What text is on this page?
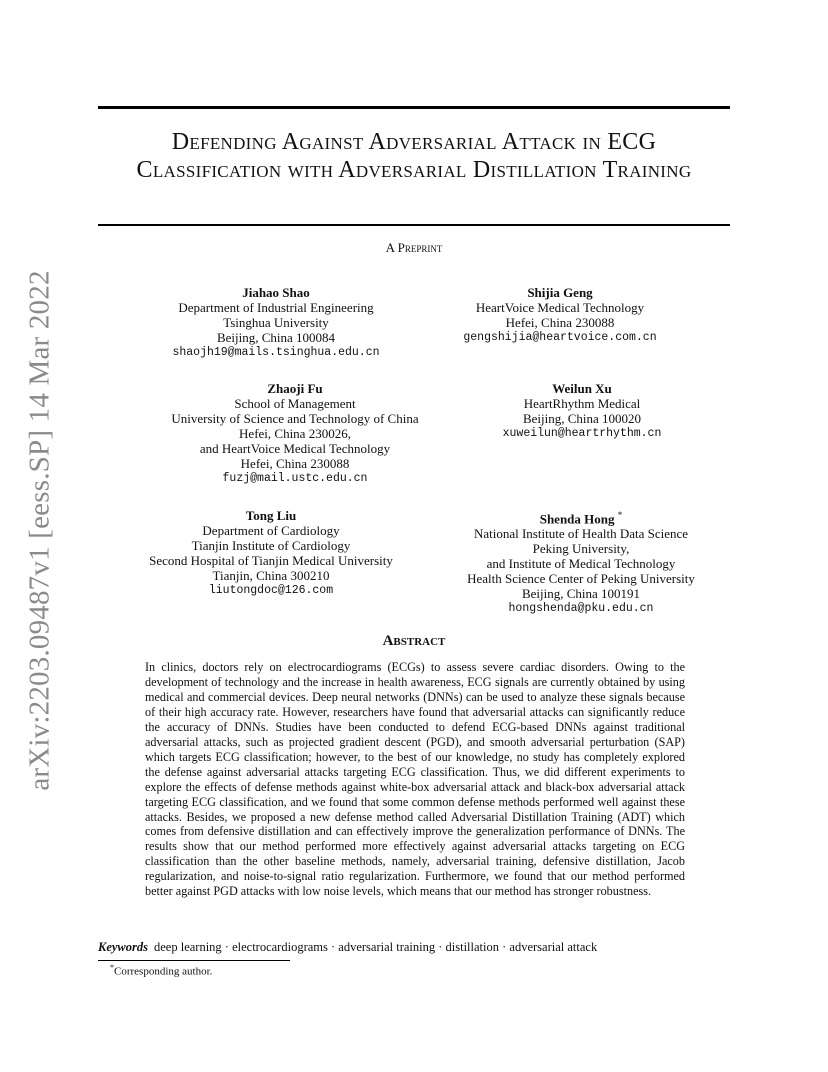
arXiv:2203.09487v1 [eess.SP] 14 Mar 2022
Defending Against Adversarial Attack in ECG Classification with Adversarial Distillation Training
A Preprint
Jiahao Shao
Department of Industrial Engineering
Tsinghua University
Beijing, China 100084
shaojh19@mails.tsinghua.edu.cn
Shijia Geng
HeartVoice Medical Technology
Hefei, China 230088
gengshijia@heartvoice.com.cn
Zhaoji Fu
School of Management
University of Science and Technology of China
Hefei, China 230026,
and HeartVoice Medical Technology
Hefei, China 230088
fuzj@mail.ustc.edu.cn
Weilun Xu
HeartRhythm Medical
Beijing, China 100020
xuweilun@heartrhythm.cn
Tong Liu
Department of Cardiology
Tianjin Institute of Cardiology
Second Hospital of Tianjin Medical University
Tianjin, China 300210
liutongdoc@126.com
Shenda Hong *
National Institute of Health Data Science
Peking University,
and Institute of Medical Technology
Health Science Center of Peking University
Beijing, China 100191
hongshenda@pku.edu.cn
Abstract

In clinics, doctors rely on electrocardiograms (ECGs) to assess severe cardiac disorders. Owing to the development of technology and the increase in health awareness, ECG signals are currently obtained by using medical and commercial devices. Deep neural networks (DNNs) can be used to analyze these signals because of their high accuracy rate. However, researchers have found that adversarial attacks can significantly reduce the accuracy of DNNs. Studies have been conducted to defend ECG-based DNNs against traditional adversarial attacks, such as projected gradient descent (PGD), and smooth adversarial perturbation (SAP) which targets ECG classification; however, to the best of our knowledge, no study has completely explored the defense against adversarial attacks targeting ECG classification. Thus, we did different experiments to explore the effects of defense methods against white-box adversarial attack and black-box adversarial attack targeting ECG classification, and we found that some common defense methods performed well against these attacks. Besides, we proposed a new defense method called Adversarial Distillation Training (ADT) which comes from defensive distillation and can effectively improve the generalization performance of DNNs. The results show that our method performed more effectively against adversarial attacks targeting on ECG classification than the other baseline methods, namely, adversarial training, defensive distillation, Jacob regularization, and noise-to-signal ratio regularization. Furthermore, we found that our method performed better against PGD attacks with low noise levels, which means that our method has stronger robustness.

Keywords deep learning · electrocardiograms · adversarial training · distillation · adversarial attack
*Corresponding author.
